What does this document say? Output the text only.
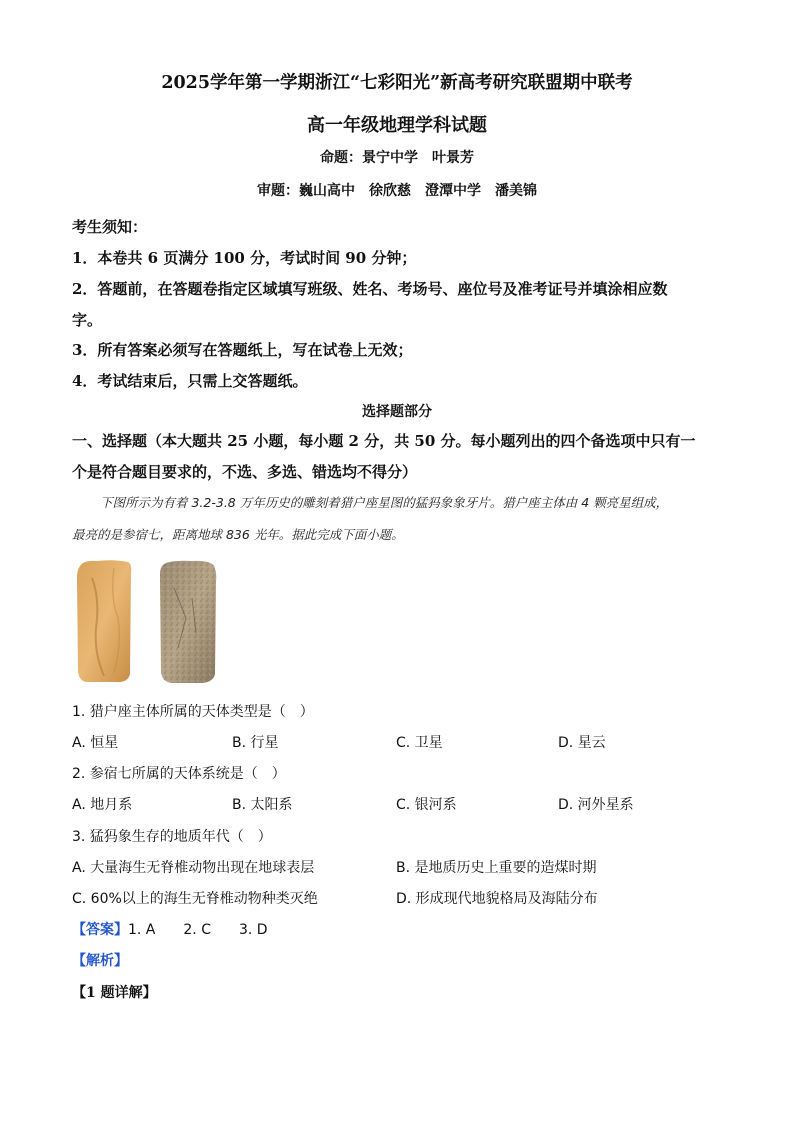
2025学年第一学期浙江“七彩阳光”新高考研究联盟期中联考
高一年级地理学科试题
命题：景宁中学　叶景芳
审题：巍山高中　徐欣慈　澄潭中学　潘美锦
考生须知：
1．本卷共 6 页满分 100 分，考试时间 90 分钟；
2．答题前，在答题卷指定区域填写班级、姓名、考场号、座位号及准考证号并填涂相应数
字。
3．所有答案必须写在答题纸上，写在试卷上无效；
4．考试结束后，只需上交答题纸。
选择题部分
一、选择题（本大题共 25 小题，每小题 2 分，共 50 分。每小题列出的四个备选项中只有一
个是符合题目要求的，不选、多选、错选均不得分）
下图所示为有着 3.2-3.8 万年历史的雕刻着猎户座星图的猛犸象象牙片。猎户座主体由 4 颗亮星组成，
最亮的是参宿七，距离地球 836 光年。据此完成下面小题。
1. 猎户座主体所属的天体类型是（　）
A. 恒星	B. 行星	C. 卫星	D. 星云
2. 参宿七所属的天体系统是（　）
A. 地月系	B. 太阳系	C. 银河系	D. 河外星系
3. 猛犸象生存的地质年代（　）
A. 大量海生无脊椎动物出现在地球表层	B. 是地质历史上重要的造煤时期
C. 60%以上的海生无脊椎动物种类灭绝	D. 形成现代地貌格局及海陆分布
【答案】1. A　　2. C　　3. D
【解析】
【1 题详解】
